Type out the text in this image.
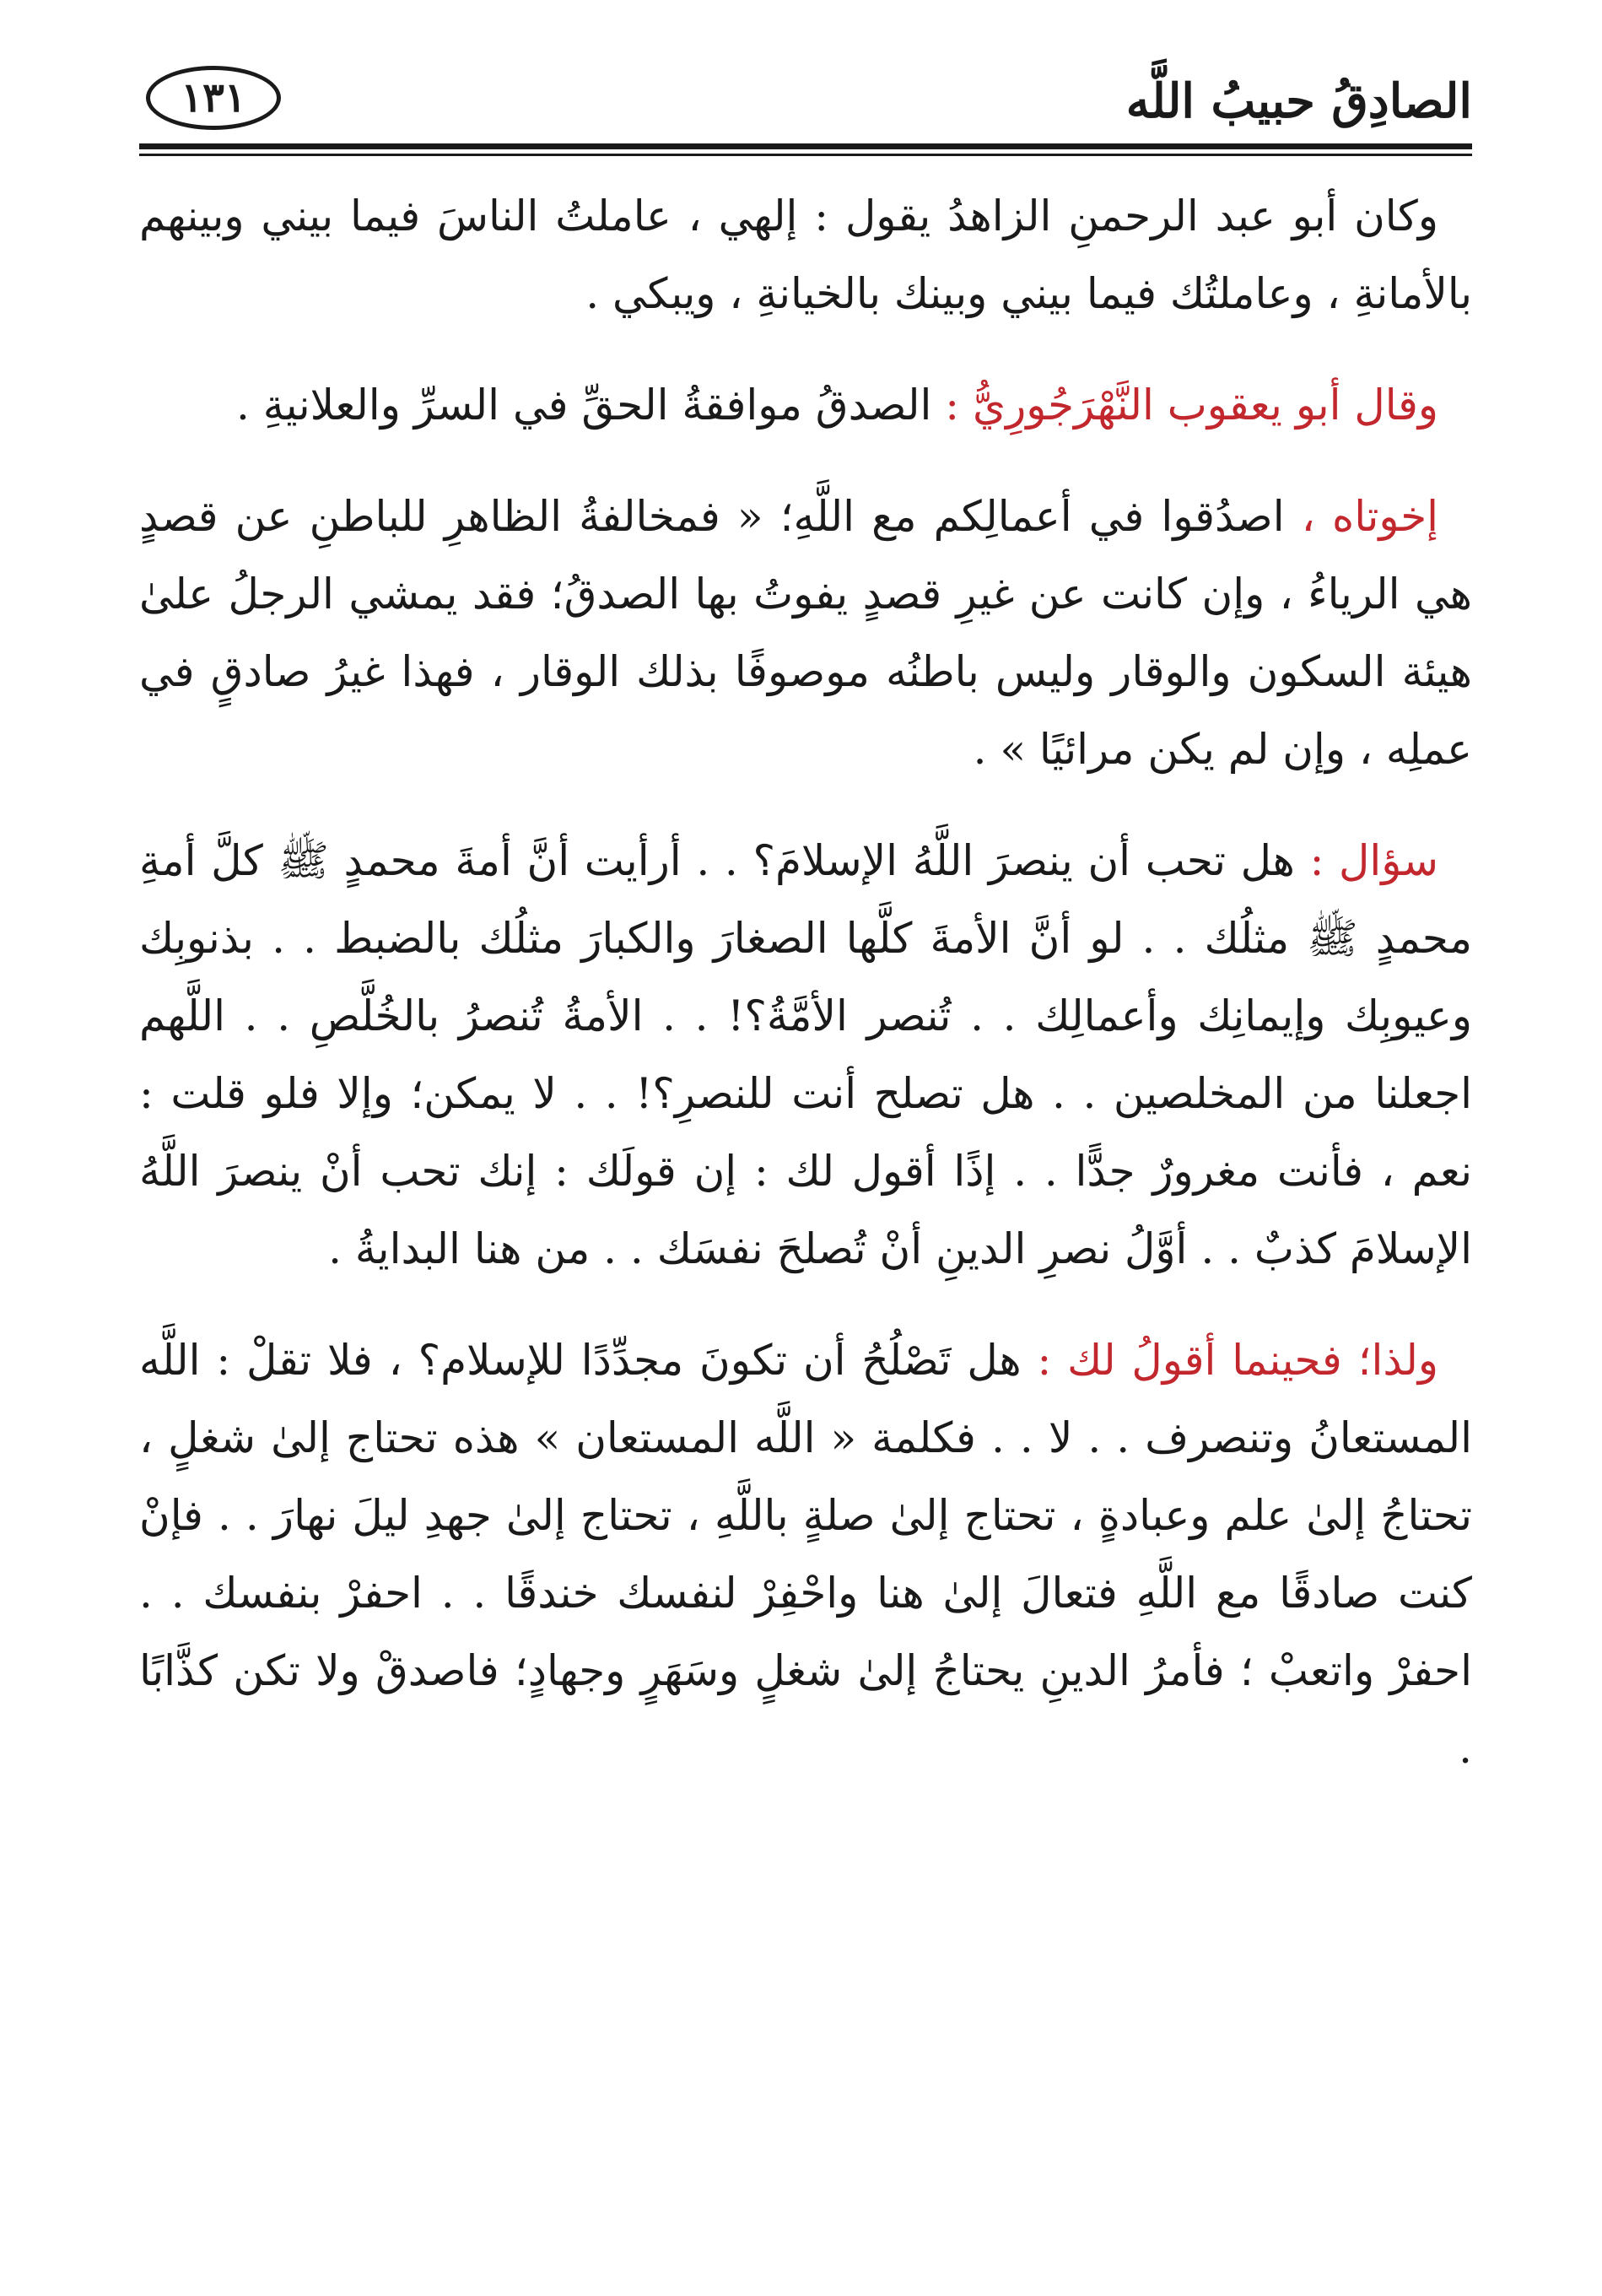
الصادِقُ حبيبُ اللَّه
١٣١

وكان أبو عبد الرحمنِ الزاهدُ يقول : إلهي ، عاملتُ الناسَ فيما بيني وبينهم بالأمانةِ ، وعاملتُك فيما بيني وبينك بالخيانةِ ، ويبكي .

وقال أبو يعقوب النَّهْرَجُورِيُّ : الصدقُ موافقةُ الحقِّ في السرِّ والعلانيةِ .

إخوتاه ، اصدُقوا في أعمالِكم مع اللَّهِ؛ « فمخالفةُ الظاهرِ للباطنِ عن قصدٍ هي الرياءُ ، وإن كانت عن غيرِ قصدٍ يفوتُ بها الصدقُ؛ فقد يمشي الرجلُ علىٰ هيئة السكون والوقار وليس باطنُه موصوفًا بذلك الوقار ، فهذا غيرُ صادقٍ في عملِه ، وإن لم يكن مرائيًا » .

سؤال : هل تحب أن ينصرَ اللَّهُ الإسلامَ؟ . . أرأيت أنَّ أمةَ محمدٍ ﷺ كلَّ أمةِ محمدٍ ﷺ مثلُك . . لو أنَّ الأمةَ كلَّها الصغارَ والكبارَ مثلُك بالضبط . . بذنوبِك وعيوبِك وإيمانِك وأعمالِك . . تُنصر الأمَّةُ؟! . . الأمةُ تُنصرُ بالخُلَّصِ . . اللَّهم اجعلنا من المخلصين . . هل تصلح أنت للنصرِ؟! . . لا يمكن؛ وإلا فلو قلت : نعم ، فأنت مغرورٌ جدًّا . . إذًا أقول لك : إن قولَك : إنك تحب أنْ ينصرَ اللَّهُ الإسلامَ كذبٌ . . أوَّلُ نصرِ الدينِ أنْ تُصلحَ نفسَك . . من هنا البدايةُ .

ولذا؛ فحينما أقولُ لك : هل تَصْلُحُ أن تكونَ مجدِّدًا للإسلام؟ ، فلا تقلْ : اللَّه المستعانُ وتنصرف . . لا . . فكلمة « اللَّه المستعان » هذه تحتاج إلىٰ شغلٍ ، تحتاجُ إلىٰ علم وعبادةٍ ، تحتاج إلىٰ صلةٍ باللَّهِ ، تحتاج إلىٰ جهدِ ليلَ نهارَ . . فإنْ كنت صادقًا مع اللَّهِ فتعالَ إلىٰ هنا واحْفِرْ لنفسك خندقًا . . احفرْ بنفسك . . احفرْ واتعبْ ؛ فأمرُ الدينِ يحتاجُ إلىٰ شغلٍ وسَهَرٍ وجهادٍ؛ فاصدقْ ولا تكن كذَّابًا .
